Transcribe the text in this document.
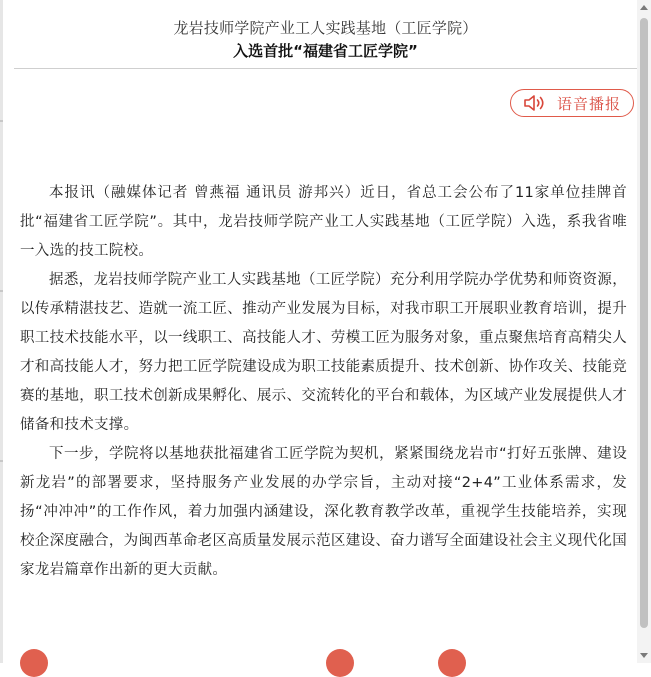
龙岩技师学院产业工人实践基地（工匠学院）
入选首批“福建省工匠学院”
语音播报

本报讯（融媒体记者 曾燕福 通讯员 游邦兴）近日，省总工会公布了11家单位挂牌首批“福建省工匠学院”。其中，龙岩技师学院产业工人实践基地（工匠学院）入选，系我省唯一入选的技工院校。

据悉，龙岩技师学院产业工人实践基地（工匠学院）充分利用学院办学优势和师资资源，以传承精湛技艺、造就一流工匠、推动产业发展为目标，对我市职工开展职业教育培训，提升职工技术技能水平，以一线职工、高技能人才、劳模工匠为服务对象，重点聚焦培育高精尖人才和高技能人才，努力把工匠学院建设成为职工技能素质提升、技术创新、协作攻关、技能竞赛的基地，职工技术创新成果孵化、展示、交流转化的平台和载体，为区域产业发展提供人才储备和技术支撑。

下一步，学院将以基地获批福建省工匠学院为契机，紧紧围绕龙岩市“打好五张牌、建设新龙岩”的部署要求，坚持服务产业发展的办学宗旨，主动对接“2+4”工业体系需求，发扬“冲冲冲”的工作作风，着力加强内涵建设，深化教育教学改革，重视学生技能培养，实现校企深度融合，为闽西革命老区高质量发展示范区建设、奋力谱写全面建设社会主义现代化国家龙岩篇章作出新的更大贡献。
